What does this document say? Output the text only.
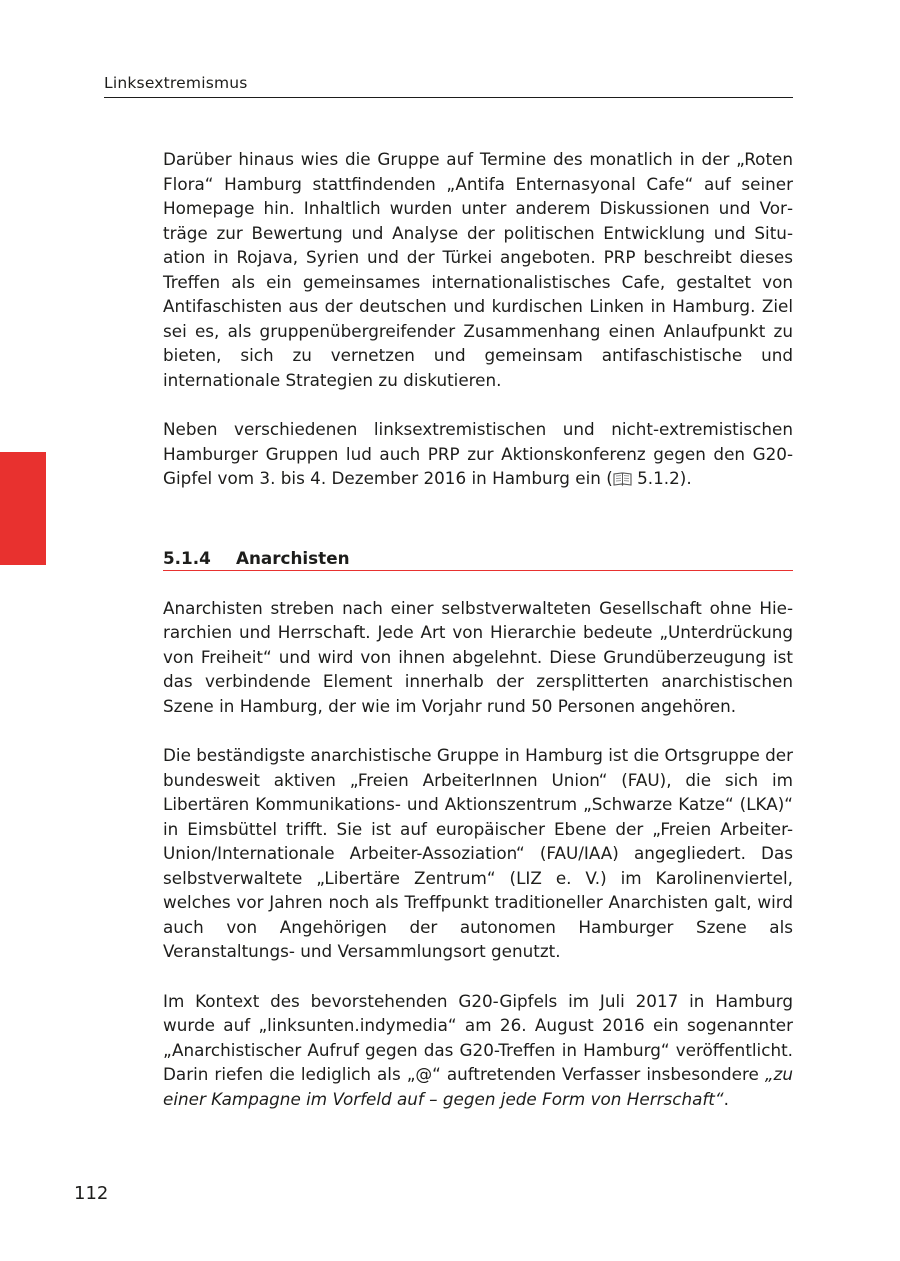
Linksextremismus

Darüber hinaus wies die Gruppe auf Termine des monatlich in der „Roten Flora“ Hamburg stattfindenden „Antifa Enternasyonal Cafe“ auf seiner Homepage hin. Inhaltlich wurden unter anderem Diskussionen und Vorträge zur Bewertung und Analyse der politischen Entwicklung und Situation in Rojava, Syrien und der Türkei angeboten. PRP beschreibt dieses Treffen als ein gemeinsames internationalistisches Cafe, gestaltet von Antifaschisten aus der deutschen und kurdischen Linken in Hamburg. Ziel sei es, als gruppenübergreifender Zusammenhang einen Anlaufpunkt zu bieten, sich zu vernetzen und gemeinsam antifaschistische und internationale Strategien zu diskutieren.

Neben verschiedenen linksextremistischen und nicht-extremistischen Hamburger Gruppen lud auch PRP zur Aktionskonferenz gegen den G20-Gipfel vom 3. bis 4. Dezember 2016 in Hamburg ein (
5.1.2).

5.1.4	Anarchisten

Anarchisten streben nach einer selbstverwalteten Gesellschaft ohne Hierarchien und Herrschaft. Jede Art von Hierarchie bedeute „Unterdrückung von Freiheit“ und wird von ihnen abgelehnt. Diese Grundüberzeugung ist das verbindende Element innerhalb der zersplitterten anarchistischen Szene in Hamburg, der wie im Vorjahr rund 50 Personen angehören.

Die beständigste anarchistische Gruppe in Hamburg ist die Ortsgruppe der bundesweit aktiven „Freien ArbeiterInnen Union“ (FAU), die sich im Libertären Kommunikations- und Aktionszentrum „Schwarze Katze“ (LKA)“ in Eimsbüttel trifft. Sie ist auf europäischer Ebene der „Freien Arbeiter-Union/Internationale Arbeiter-Assoziation“ (FAU/IAA) angegliedert. Das selbstverwaltete „Libertäre Zentrum“ (LIZ e. V.) im Karolinenviertel, welches vor Jahren noch als Treffpunkt traditioneller Anarchisten galt, wird auch von Angehörigen der autonomen Hamburger Szene als Veranstaltungs- und Versammlungsort genutzt.

Im Kontext des bevorstehenden G20-Gipfels im Juli 2017 in Hamburg wurde auf „linksunten.indymedia“ am 26. August 2016 ein sogenannter „Anarchistischer Aufruf gegen das G20-Treffen in Hamburg“ veröffentlicht. Darin riefen die lediglich als „@“ auftretenden Verfasser insbesondere „zu einer Kampagne im Vorfeld auf – gegen jede Form von Herrschaft“.

112
